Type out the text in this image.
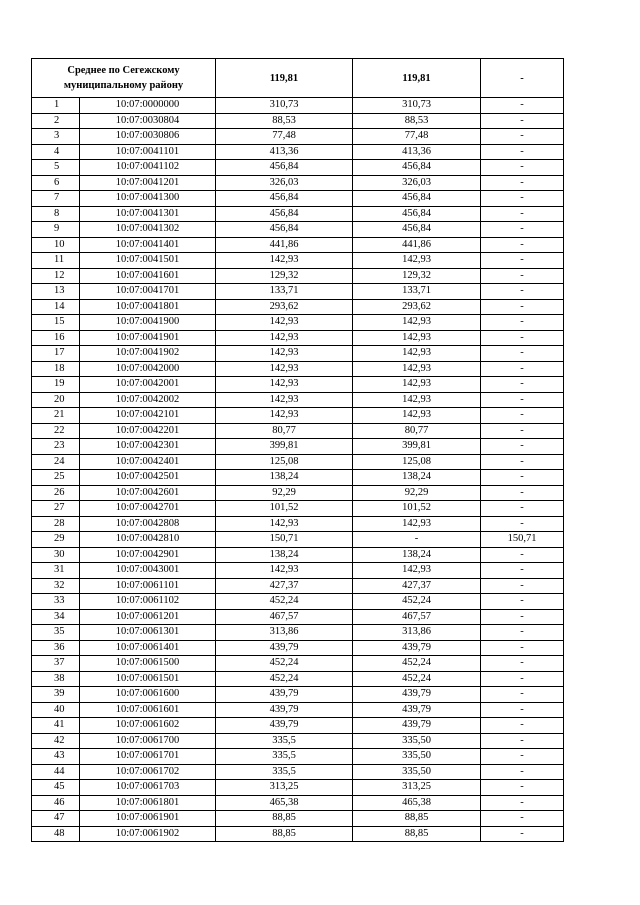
Среднее по Сегежскому муниципальному району		119,81	119,81	-
1	10:07:0000000	310,73	310,73	-
2	10:07:0030804	88,53	88,53	-
3	10:07:0030806	77,48	77,48	-
4	10:07:0041101	413,36	413,36	-
5	10:07:0041102	456,84	456,84	-
6	10:07:0041201	326,03	326,03	-
7	10:07:0041300	456,84	456,84	-
8	10:07:0041301	456,84	456,84	-
9	10:07:0041302	456,84	456,84	-
10	10:07:0041401	441,86	441,86	-
11	10:07:0041501	142,93	142,93	-
12	10:07:0041601	129,32	129,32	-
13	10:07:0041701	133,71	133,71	-
14	10:07:0041801	293,62	293,62	-
15	10:07:0041900	142,93	142,93	-
16	10:07:0041901	142,93	142,93	-
17	10:07:0041902	142,93	142,93	-
18	10:07:0042000	142,93	142,93	-
19	10:07:0042001	142,93	142,93	-
20	10:07:0042002	142,93	142,93	-
21	10:07:0042101	142,93	142,93	-
22	10:07:0042201	80,77	80,77	-
23	10:07:0042301	399,81	399,81	-
24	10:07:0042401	125,08	125,08	-
25	10:07:0042501	138,24	138,24	-
26	10:07:0042601	92,29	92,29	-
27	10:07:0042701	101,52	101,52	-
28	10:07:0042808	142,93	142,93	-
29	10:07:0042810	150,71	-	150,71
30	10:07:0042901	138,24	138,24	-
31	10:07:0043001	142,93	142,93	-
32	10:07:0061101	427,37	427,37	-
33	10:07:0061102	452,24	452,24	-
34	10:07:0061201	467,57	467,57	-
35	10:07:0061301	313,86	313,86	-
36	10:07:0061401	439,79	439,79	-
37	10:07:0061500	452,24	452,24	-
38	10:07:0061501	452,24	452,24	-
39	10:07:0061600	439,79	439,79	-
40	10:07:0061601	439,79	439,79	-
41	10:07:0061602	439,79	439,79	-
42	10:07:0061700	335,5	335,50	-
43	10:07:0061701	335,5	335,50	-
44	10:07:0061702	335,5	335,50	-
45	10:07:0061703	313,25	313,25	-
46	10:07:0061801	465,38	465,38	-
47	10:07:0061901	88,85	88,85	-
48	10:07:0061902	88,85	88,85	-
